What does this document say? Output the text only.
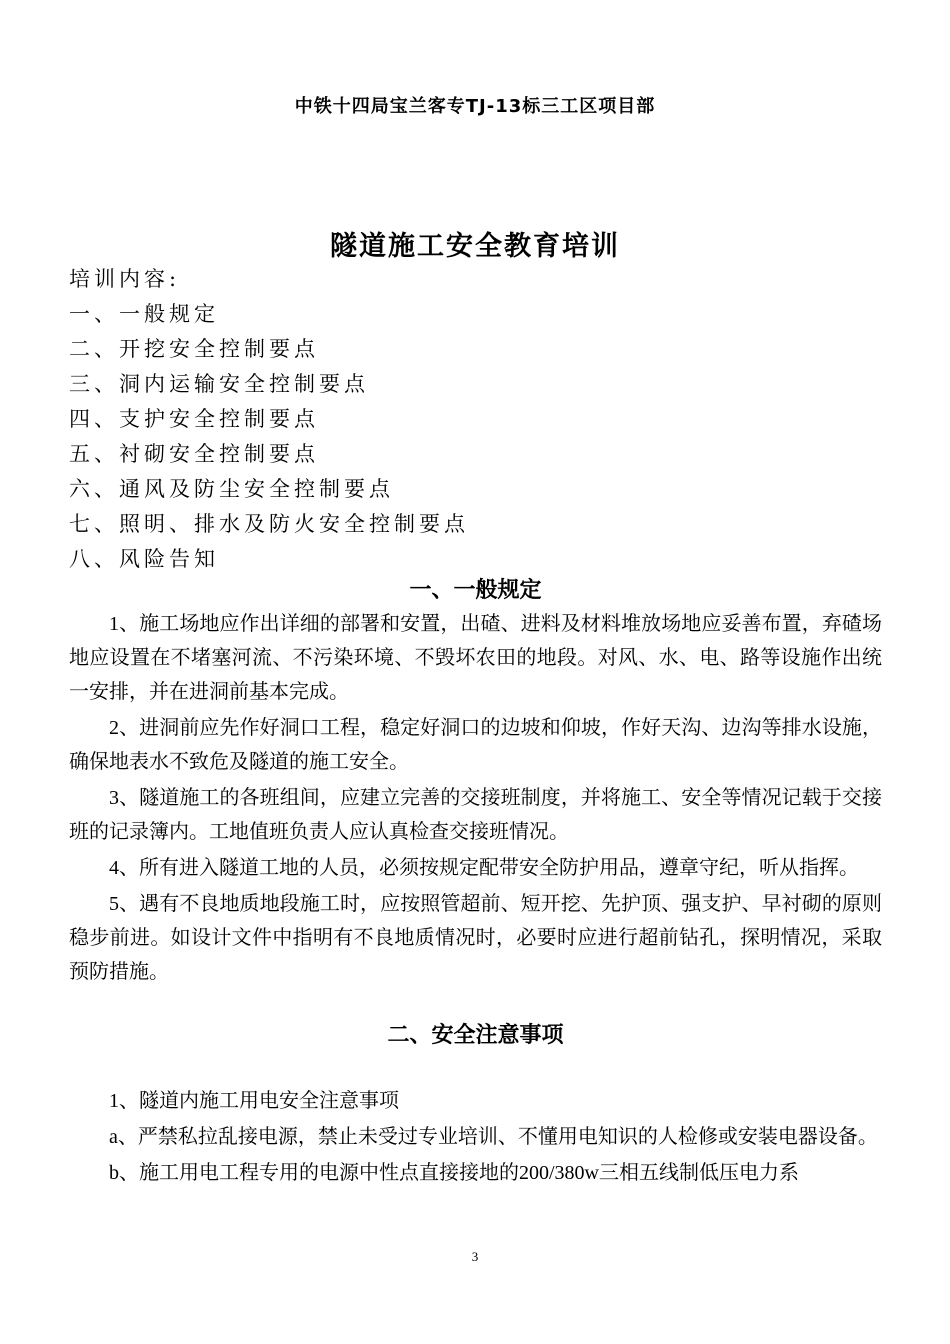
中铁十四局宝兰客专TJ-13标三工区项目部
隧道施工安全教育培训
培训内容:
一、一般规定
二、开挖安全控制要点
三、洞内运输安全控制要点
四、支护安全控制要点
五、衬砌安全控制要点
六、通风及防尘安全控制要点
七、照明、排水及防火安全控制要点
八、风险告知
一、一般规定

1、施工场地应作出详细的部署和安置，出碴、进料及材料堆放场地应妥善布置，弃碴场地应设置在不堵塞河流、不污染环境、不毁坏农田的地段。对风、水、电、路等设施作出统一安排，并在进洞前基本完成。

2、进洞前应先作好洞口工程，稳定好洞口的边坡和仰坡，作好天沟、边沟等排水设施，确保地表水不致危及隧道的施工安全。

3、隧道施工的各班组间，应建立完善的交接班制度，并将施工、安全等情况记载于交接班的记录簿内。工地值班负责人应认真检查交接班情况。

4、所有进入隧道工地的人员，必须按规定配带安全防护用品，遵章守纪，听从指挥。

5、遇有不良地质地段施工时，应按照管超前、短开挖、先护顶、强支护、早衬砌的原则稳步前进。如设计文件中指明有不良地质情况时，必要时应进行超前钻孔，探明情况，采取预防措施。

二、安全注意事项

1、隧道内施工用电安全注意事项

a、严禁私拉乱接电源，禁止未受过专业培训、不懂用电知识的人检修或安装电器设备。

b、施工用电工程专用的电源中性点直接接地的200/380w三相五线制低压电力系

3
